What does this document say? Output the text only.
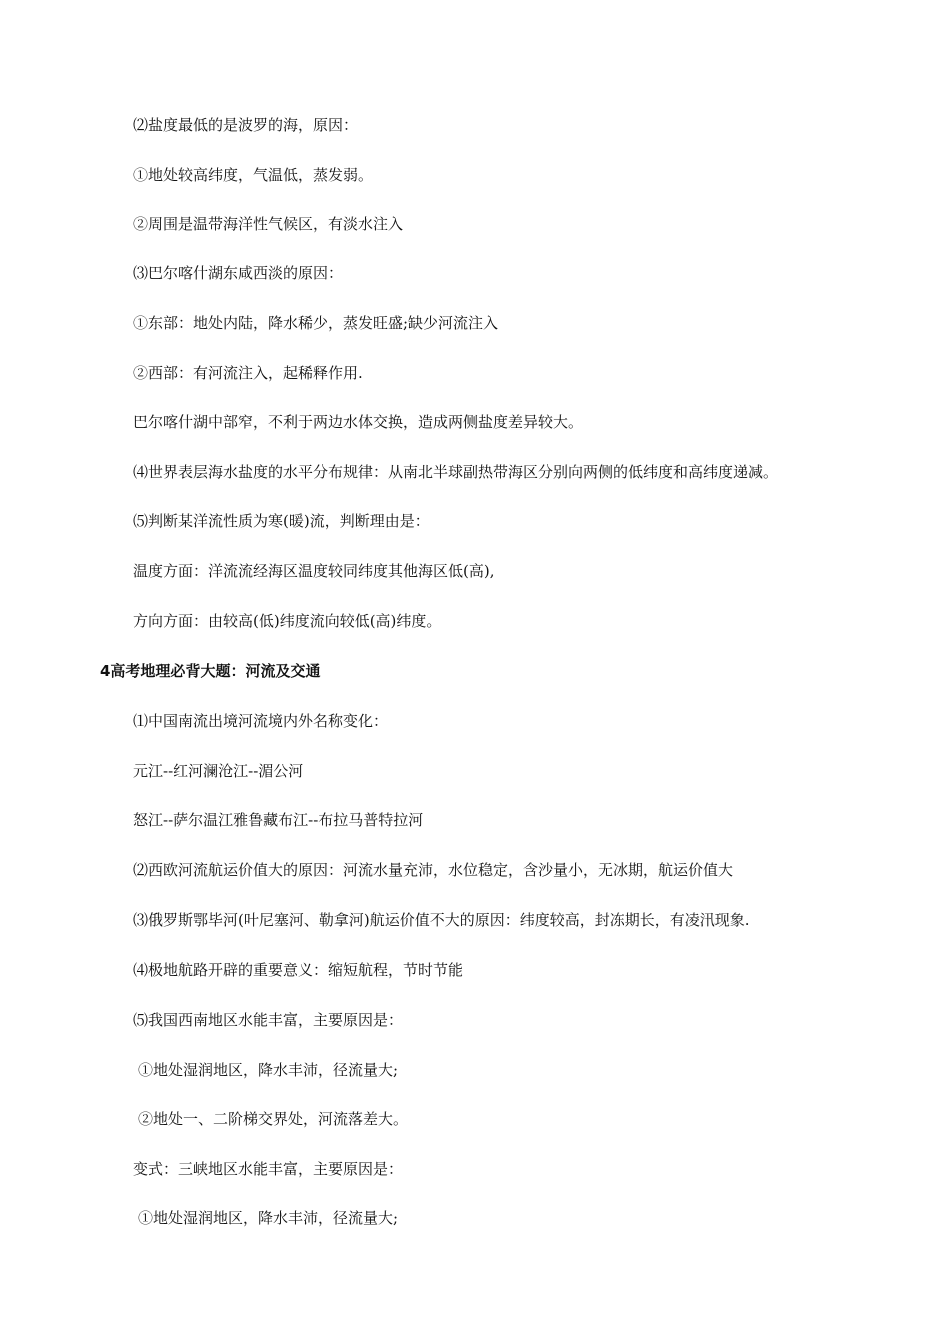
⑵盐度最低的是波罗的海，原因：
①地处较高纬度，气温低，蒸发弱。
②周围是温带海洋性气候区，有淡水注入
⑶巴尔喀什湖东咸西淡的原因：
①东部：地处内陆，降水稀少，蒸发旺盛;缺少河流注入
②西部：有河流注入，起稀释作用.
巴尔喀什湖中部窄，不利于两边水体交换，造成两侧盐度差异较大。
⑷世界表层海水盐度的水平分布规律：从南北半球副热带海区分别向两侧的低纬度和高纬度递减。
⑸判断某洋流性质为寒(暖)流，判断理由是：
温度方面：洋流流经海区温度较同纬度其他海区低(高),
方向方面：由较高(低)纬度流向较低(高)纬度。
4高考地理必背大题：河流及交通
⑴中国南流出境河流境内外名称变化：
元江--红河澜沧江--湄公河
怒江--萨尔温江雅鲁藏布江--布拉马普特拉河
⑵西欧河流航运价值大的原因：河流水量充沛，水位稳定，含沙量小，无冰期，航运价值大
⑶俄罗斯鄂毕河(叶尼塞河、勒拿河)航运价值不大的原因：纬度较高，封冻期长，有凌汛现象.
⑷极地航路开辟的重要意义：缩短航程，节时节能
⑸我国西南地区水能丰富，主要原因是：
①地处湿润地区，降水丰沛，径流量大;
②地处一、二阶梯交界处，河流落差大。
变式：三峡地区水能丰富，主要原因是：
①地处湿润地区，降水丰沛，径流量大;
